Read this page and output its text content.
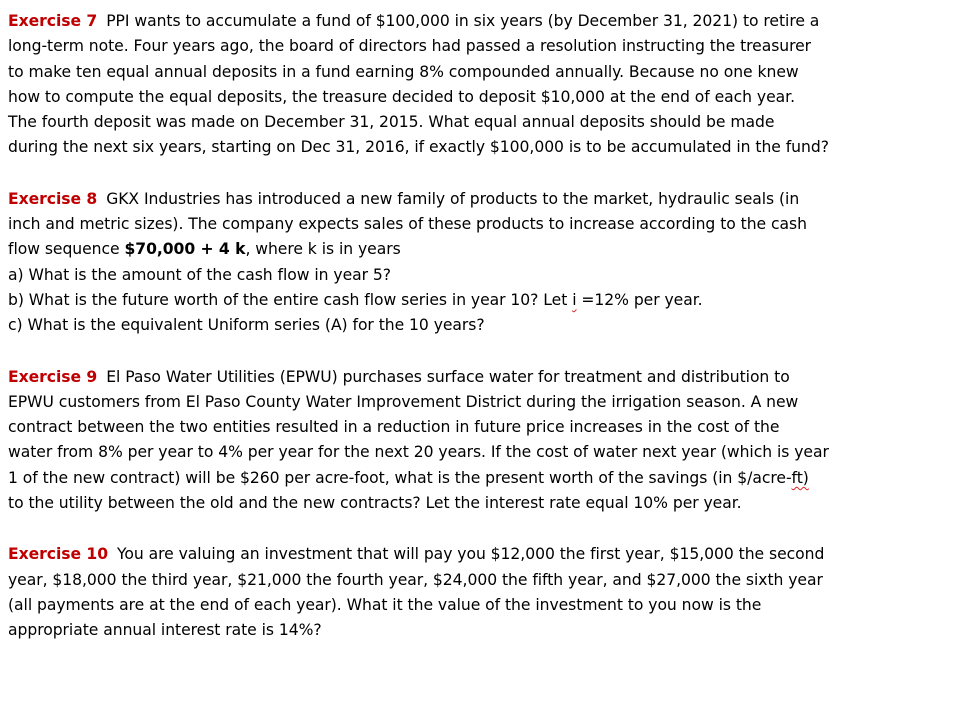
Exercise 7 PPI wants to accumulate a fund of $100,000 in six years (by December 31, 2021) to retire a
long-term note. Four years ago, the board of directors had passed a resolution instructing the treasurer
to make ten equal annual deposits in a fund earning 8% compounded annually. Because no one knew
how to compute the equal deposits, the treasure decided to deposit $10,000 at the end of each year.
The fourth deposit was made on December 31, 2015. What equal annual deposits should be made
during the next six years, starting on Dec 31, 2016, if exactly $100,000 is to be accumulated in the fund?
Exercise 8 GKX Industries has introduced a new family of products to the market, hydraulic seals (in
inch and metric sizes). The company expects sales of these products to increase according to the cash
flow sequence $70,000 + 4 k, where k is in years
a) What is the amount of the cash flow in year 5?
b) What is the future worth of the entire cash flow series in year 10? Let i =12% per year.
c) What is the equivalent Uniform series (A) for the 10 years?
Exercise 9 El Paso Water Utilities (EPWU) purchases surface water for treatment and distribution to
EPWU customers from El Paso County Water Improvement District during the irrigation season. A new
contract between the two entities resulted in a reduction in future price increases in the cost of the
water from 8% per year to 4% per year for the next 20 years. If the cost of water next year (which is year
1 of the new contract) will be $260 per acre-foot, what is the present worth of the savings (in $/acre-ft)
to the utility between the old and the new contracts? Let the interest rate equal 10% per year.
Exercise 10 You are valuing an investment that will pay you $12,000 the first year, $15,000 the second
year, $18,000 the third year, $21,000 the fourth year, $24,000 the fifth year, and $27,000 the sixth year
(all payments are at the end of each year). What it the value of the investment to you now is the
appropriate annual interest rate is 14%?
